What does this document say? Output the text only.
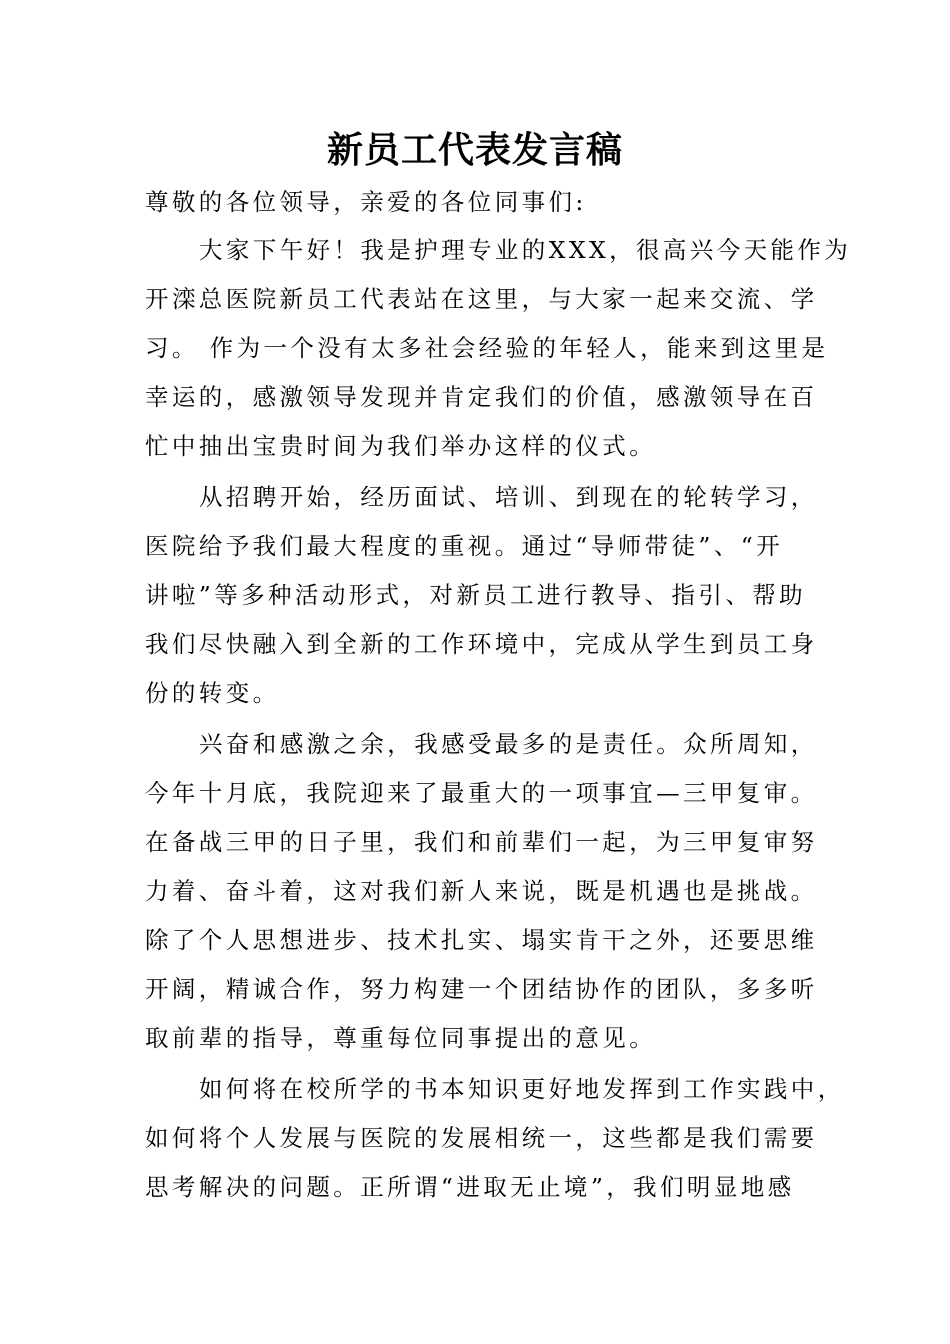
新员工代表发言稿
尊敬的各位领导，亲爱的各位同事们:
大家下午好！我是护理专业的XXX，很高兴今天能作为
开滦总医院新员工代表站在这里，与大家一起来交流、学
习。 作为一个没有太多社会经验的年轻人，能来到这里是
幸运的，感激领导发现并肯定我们的价值，感激领导在百
忙中抽出宝贵时间为我们举办这样的仪式。
从招聘开始，经历面试、培训、到现在的轮转学习，
医院给予我们最大程度的重视。通过“导师带徒”、“开
讲啦”等多种活动形式，对新员工进行教导、指引、帮助
我们尽快融入到全新的工作环境中，完成从学生到员工身
份的转变。
兴奋和感激之余，我感受最多的是责任。众所周知，
今年十月底，我院迎来了最重大的一项事宜—三甲复审。
在备战三甲的日子里，我们和前辈们一起，为三甲复审努
力着、奋斗着，这对我们新人来说，既是机遇也是挑战。
除了个人思想进步、技术扎实、塌实肯干之外，还要思维
开阔，精诚合作，努力构建一个团结协作的团队，多多听
取前辈的指导，尊重每位同事提出的意见。
如何将在校所学的书本知识更好地发挥到工作实践中，
如何将个人发展与医院的发展相统一，这些都是我们需要
思考解决的问题。正所谓“进取无止境”，我们明显地感
